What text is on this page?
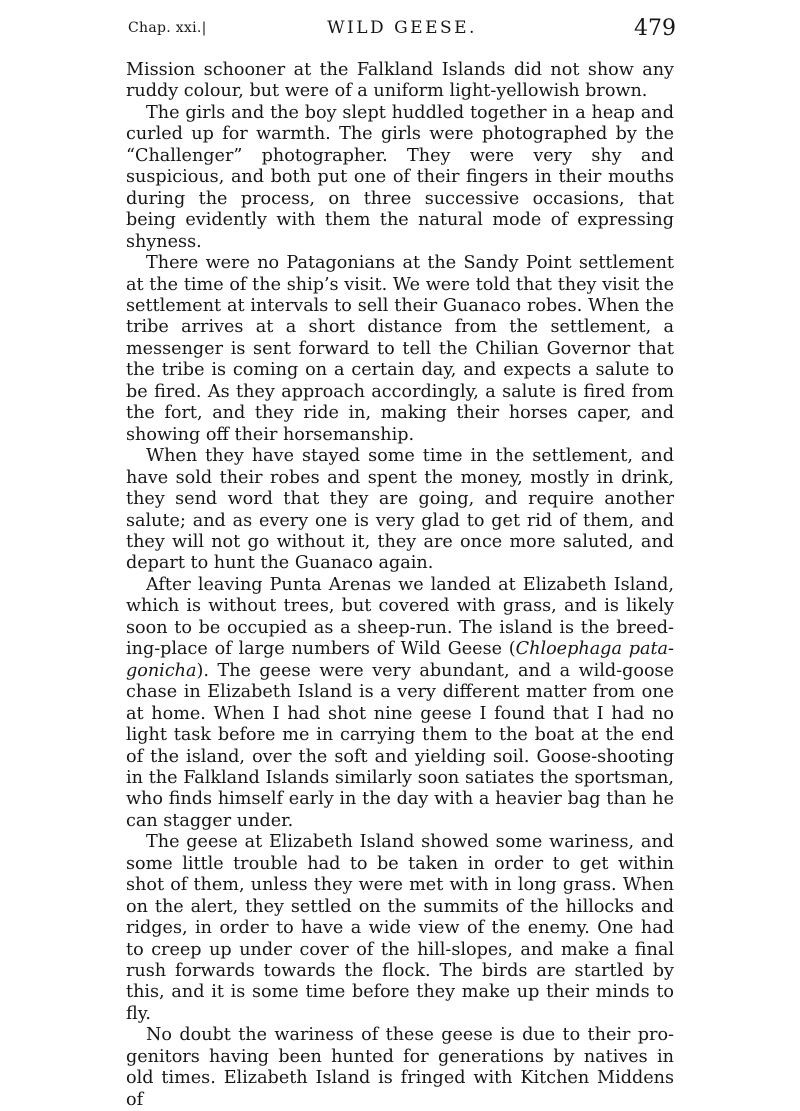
Chap. xxi.|	WILD GEESE.	479

Mission schooner at the Falkland Islands did not show any ruddy colour, but were of a uniform light-yellowish brown.

The girls and the boy slept huddled together in a heap and curled up for warmth. The girls were photographed by the “Challenger” photographer. They were very shy and suspicious, and both put one of their fingers in their mouths during the process, on three successive occasions, that being evidently with them the natural mode of expressing shyness.

There were no Patagonians at the Sandy Point settlement at the time of the ship’s visit. We were told that they visit the settlement at intervals to sell their Guanaco robes. When the tribe arrives at a short distance from the settlement, a messenger is sent forward to tell the Chilian Governor that the tribe is coming on a certain day, and expects a salute to be fired. As they approach accordingly, a salute is fired from the fort, and they ride in, making their horses caper, and showing off their horsemanship.

When they have stayed some time in the settlement, and have sold their robes and spent the money, mostly in drink, they send word that they are going, and require another salute; and as every one is very glad to get rid of them, and they will not go without it, they are once more saluted, and depart to hunt the Guanaco again.

After leaving Punta Arenas we landed at Elizabeth Island, which is without trees, but covered with grass, and is likely soon to be occupied as a sheep-run. The island is the breeding-place of large numbers of Wild Geese (Chloephaga patagonicha). The geese were very abundant, and a wild-goose chase in Elizabeth Island is a very different matter from one at home. When I had shot nine geese I found that I had no light task before me in carrying them to the boat at the end of the island, over the soft and yielding soil. Goose-shooting in the Falkland Islands similarly soon satiates the sportsman, who finds himself early in the day with a heavier bag than he can stagger under.

The geese at Elizabeth Island showed some wariness, and some little trouble had to be taken in order to get within shot of them, unless they were met with in long grass. When on the alert, they settled on the summits of the hillocks and ridges, in order to have a wide view of the enemy. One had to creep up under cover of the hill-slopes, and make a final rush forwards towards the flock. The birds are startled by this, and it is some time before they make up their minds to fly.

No doubt the wariness of these geese is due to their progenitors having been hunted for generations by natives in old times. Elizabeth Island is fringed with Kitchen Middens of
